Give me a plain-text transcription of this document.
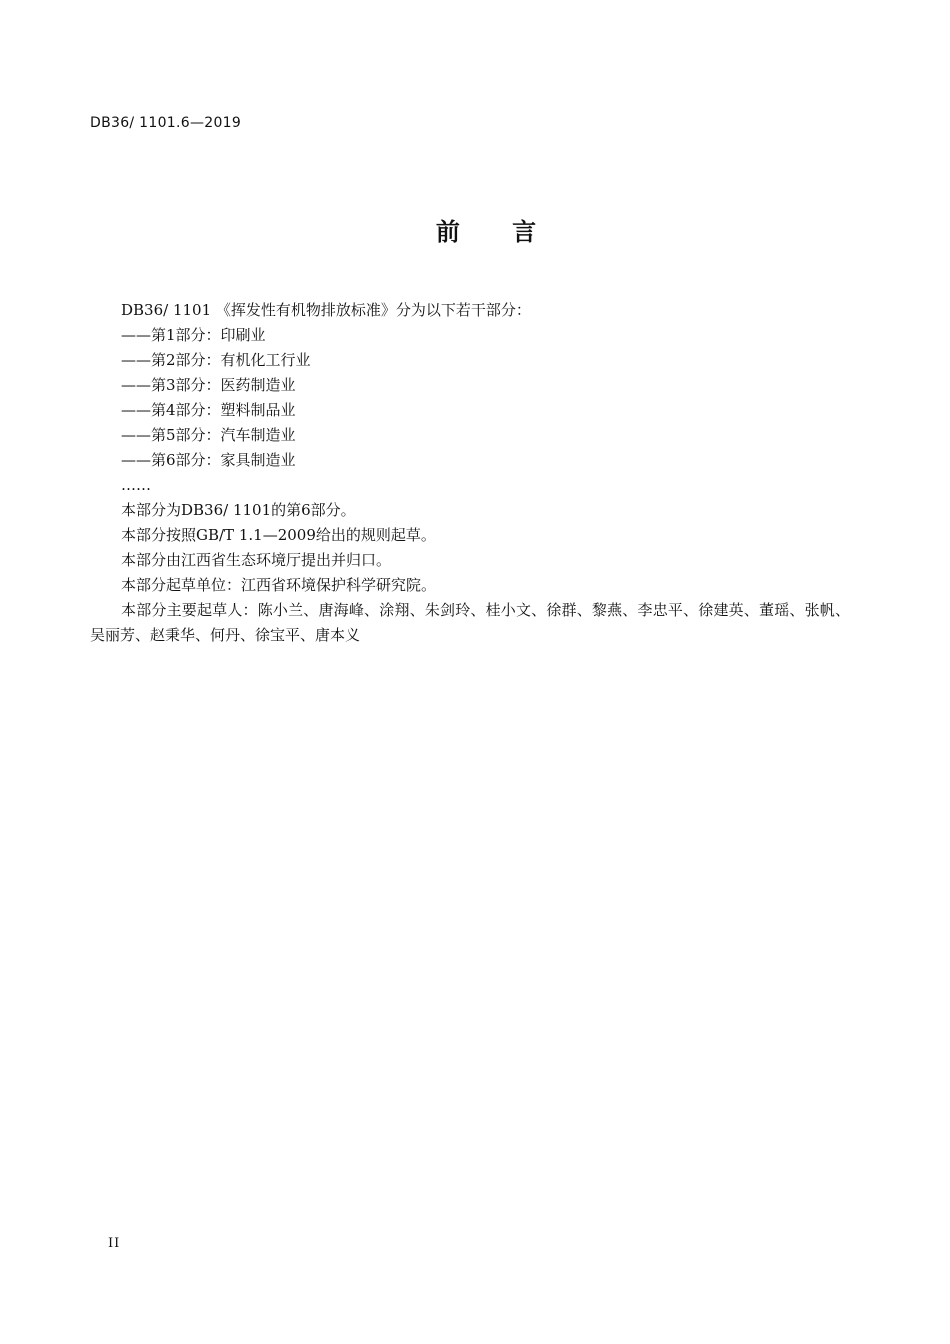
DB36/ 1101.6—2019
前 言

DB36/ 1101 《挥发性有机物排放标准》分为以下若干部分：

——第1部分：印刷业

——第2部分：有机化工行业

——第3部分：医药制造业

——第4部分：塑料制品业

——第5部分：汽车制造业

——第6部分：家具制造业

……

本部分为DB36/ 1101的第6部分。

本部分按照GB/T 1.1—2009给出的规则起草。

本部分由江西省生态环境厅提出并归口。

本部分起草单位：江西省环境保护科学研究院。

本部分主要起草人：陈小兰、唐海峰、涂翔、朱剑玲、桂小文、徐群、黎燕、李忠平、徐建英、董瑶、张帆、吴丽芳、赵秉华、何丹、徐宝平、唐本义

II
